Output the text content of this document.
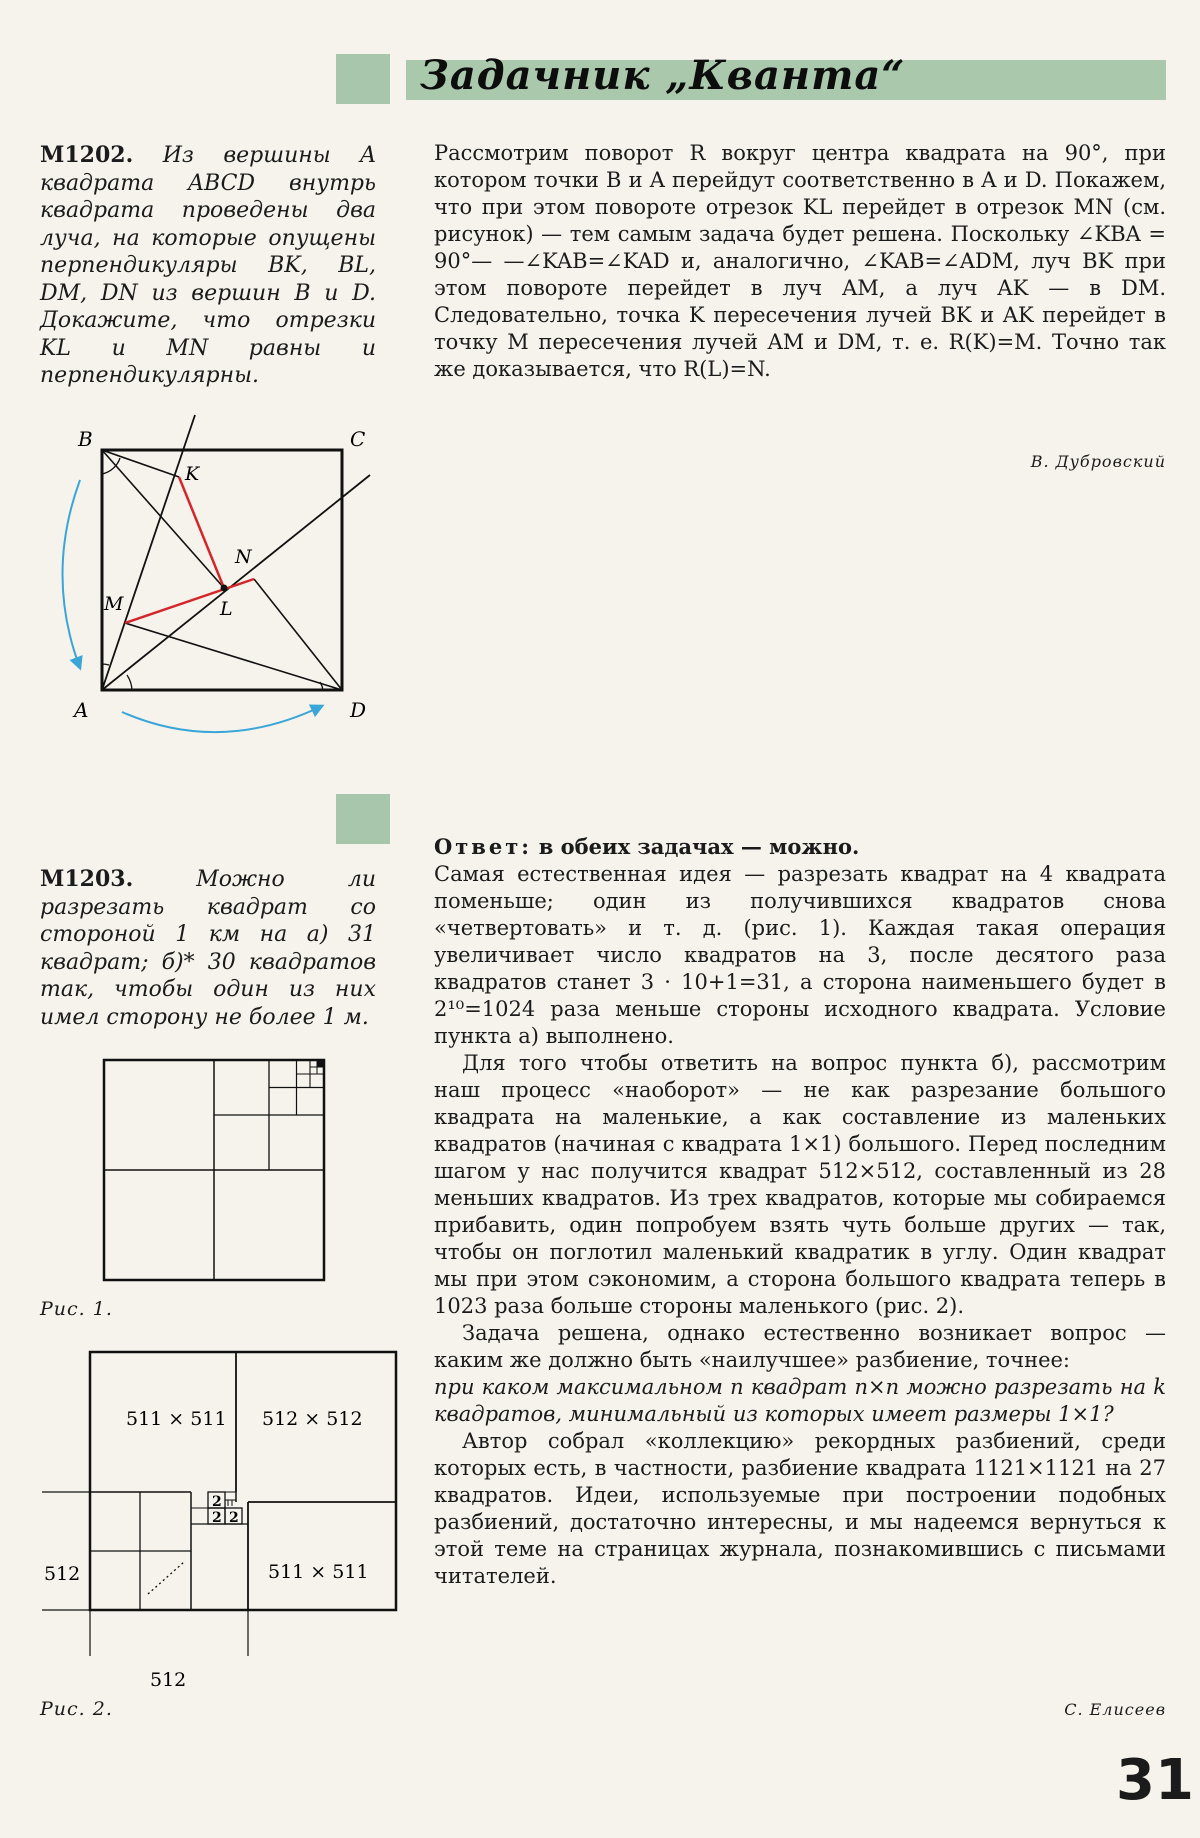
Задачник „Кванта“
М1202. Из вершины A квадрата ABCD внутрь квадрата проведены два луча, на которые опущены перпендикуляры BK, BL, DM, DN из вершин B и D. Докажите, что отрезки KL и MN равны и перпендикулярны.
B	C
A	D
K
L
M
N

Рассмотрим поворот R вокруг центра квадрата на 90°, при котором точки B и A перейдут соответственно в A и D. Покажем, что при этом повороте отрезок KL перейдет в отрезок MN (см. рисунок) — тем самым задача будет решена. Поскольку ∠KBA = 90°— —∠KAB=∠KAD и, аналогично, ∠KAB=∠ADM, луч BK при этом повороте перейдет в луч AM, а луч AK — в DM. Следовательно, точка K пересечения лучей BK и AK перейдет в точку M пересечения лучей AM и DM, т. е. R(K)=M. Точно так же доказывается, что R(L)=N.

В. Дубровский
М1203.	Можно ли разрезать квадрат со стороной 1 км на а) 31 квадрат; б)* 30 квадратов так, чтобы один из них имел сторону не более 1 м.
Рис. 1.
511 × 511 512 × 512
511 × 511
2
2 2
512
512
Рис. 2.

Ответ: в обеих задачах — можно.

Самая естественная идея — разрезать квадрат на 4 квадрата поменьше; один из получившихся квадратов снова «четвертовать» и т. д. (рис. 1). Каждая такая операция увеличивает число квадратов на 3, после десятого раза квадратов станет 3 · 10+1=31, а сторона наименьшего будет в 2¹⁰=1024 раза меньше стороны исходного квадрата. Условие пункта а) выполнено.

Для того чтобы ответить на вопрос пункта б), рассмотрим наш процесс «наоборот» — не как разрезание большого квадрата на маленькие, а как составление из маленьких квадратов (начиная с квадрата 1×1) большого. Перед последним шагом у нас получится квадрат 512×512, составленный из 28 меньших квадратов. Из трех квадратов, которые мы собираемся прибавить, один попробуем взять чуть больше других — так, чтобы он поглотил маленький квадратик в углу. Один квадрат мы при этом сэкономим, а сторона большого квадрата теперь в 1023 раза больше стороны маленького (рис. 2).

Задача решена, однако естественно возникает вопрос — каким же должно быть «наилучшее» разбиение, точнее:

при каком максимальном n квадрат n×n можно разрезать на k квадратов, минимальный из которых имеет размеры 1×1?

Автор собрал «коллекцию» рекордных разбиений, среди которых есть, в частности, разбиение квадрата 1121×1121 на 27 квадратов. Идеи, используемые при построении подобных разбиений, достаточно интересны, и мы надеемся вернуться к этой теме на страницах журнала, познакомившись с письмами читателей.

С. Елисеев
31
